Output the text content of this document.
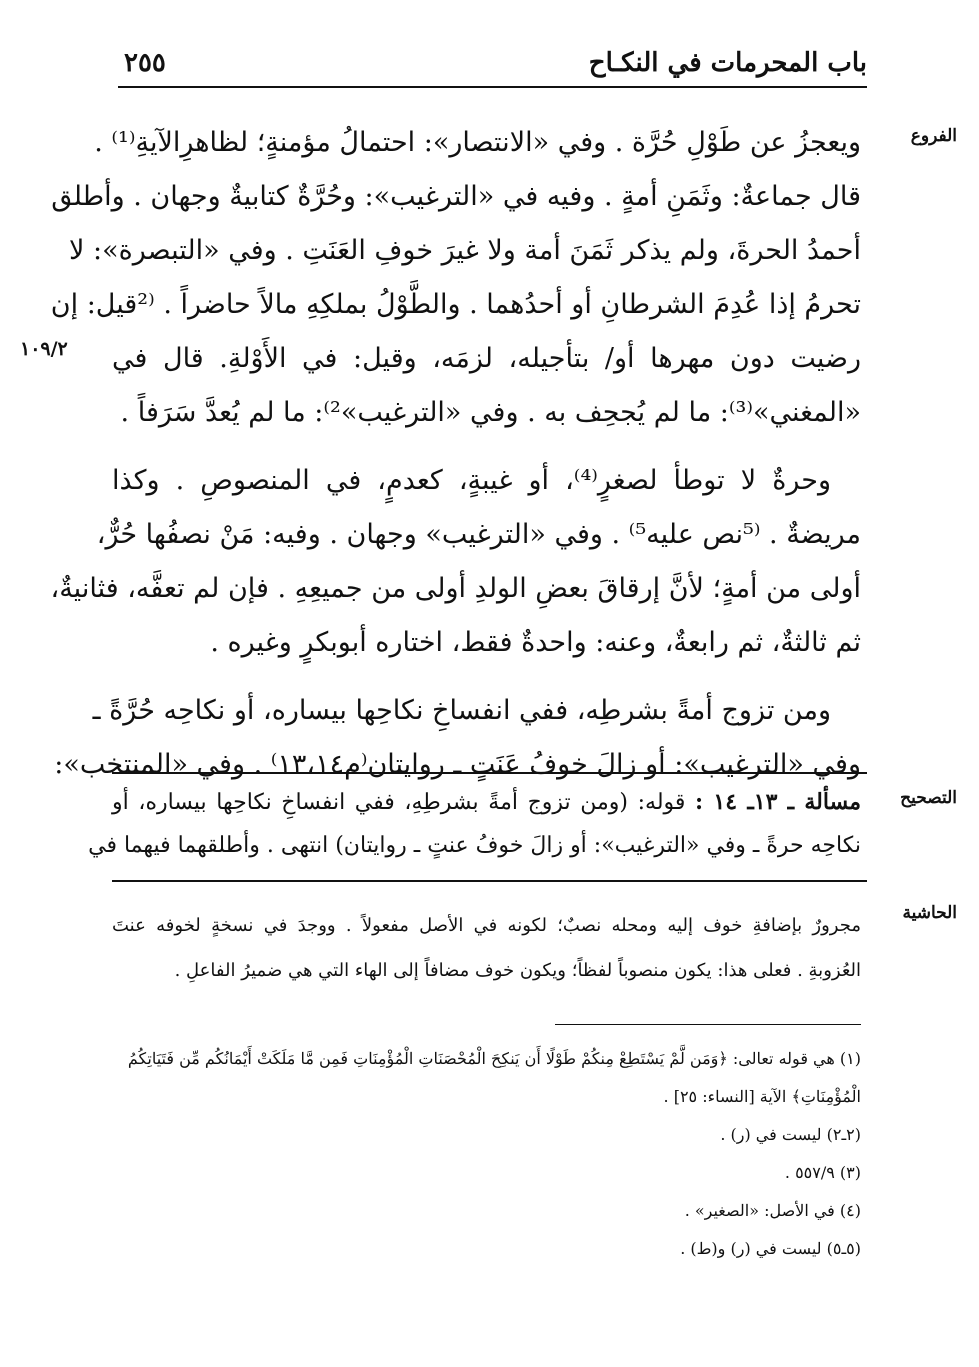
باب المحرمات في النكـاح
٢٥٥
الفروع
١٠٩/٢
ويعجزُ عن طَوْلِ حُرَّة . وفي «الانتصار»: احتمالُ مؤمنةٍ؛ لظاهرِالآيةِ⁽¹⁾ .
قال جماعةٌ: وثَمَنِ أمةٍ . وفيه في «الترغيب»: وحُرَّةٌ كتابيةٌ وجهان . وأطلق
أحمدُ الحرةَ، ولم يذكر ثَمَنَ أمة ولا غيرَ خوفِ العَنَتِ . وفي «التبصرة»: لا
تحرمُ إذا عُدِمَ الشرطانِ أو أحدُهما . والطَّوْلُ بملكِهِ مالاً حاضراً . ⁽²قيل: إن
رضيت دون مهرها أو/ بتأجيله، لزمَه، وقيل: في الأَوْلةِ. قال في
«المغني»⁽³⁾: ما لم يُجحِف به . وفي «الترغيب»²⁾: ما لم يُعدَّ سَرَفاً .
وحرةٌ لا توطأ لصغرٍ⁽⁴⁾، أو غيبةٍ، كعدمٍ، في المنصوصِ . وكذا
مريضةٌ . ⁽⁵نص عليه⁵⁾ . وفي «الترغيب» وجهان . وفيه: مَنْ نصفُها حُرٌّ،
أولى من أمةٍ؛ لأنَّ إرقاقَ بعضِ الولدِ أولى من جميعِهِ . فإن لم تعفَّه، فثانيةٌ،
ثم ثالثةٌ، ثم رابعةٌ، وعنه: واحدةٌ فقط، اختاره أبوبكرٍ وغيره .
ومن تزوج أمةً بشرطِه، ففي انفساخِ نكاحِها بيساره، أو نكاحِه حُرَّةً ـ
وفي «الترغيب»: أو زالَ خوفُ عَنَتٍ ـ روايتان⁽م١٣،١٤⁾ . وفي «المنتخب»:
التصحيح
مسألة ـ ١٣ـ ١٤ : قوله: (ومن تزوج أمةً بشرطِهِ، ففي انفساخِ نكاحِها بيساره، أو
نكاحِه حرةً ـ وفي «الترغيب»: أو زالَ خوفُ عنتٍ ـ روايتان) انتهى . وأطلقهما فيهما في
الحاشية
مجرورٌ بإضافةِ خوف إليه ومحله نصبٌ؛ لكونه في الأصل مفعولاً . ووجدَ في نسخةٍ لخوفه عنتَ
العُزوبةِ . فعلى هذا: يكون منصوباً لفظاً؛ ويكون خوف مضافاً إلى الهاء التي هي ضميرُ الفاعلِ .
(١) هي قوله تعالى: ﴿وَمَن لَّمْ يَسْتَطِعْ مِنكُمْ طَوْلًا أَن يَنكِحَ الْمُحْصَنَاتِ الْمُؤْمِنَاتِ فَمِن مَّا مَلَكَتْ أَيْمَانُكُم مِّن فَتَيَاتِكُمُ
الْمُؤْمِنَاتِ﴾ الآية [النساء: ٢٥] .
(٢ـ٢) ليست في (ر) .
(٣) ٥٥٧/٩ .
(٤) في الأصل: «الصغير» .
(٥ـ٥) ليست في (ر) و(ط) .
